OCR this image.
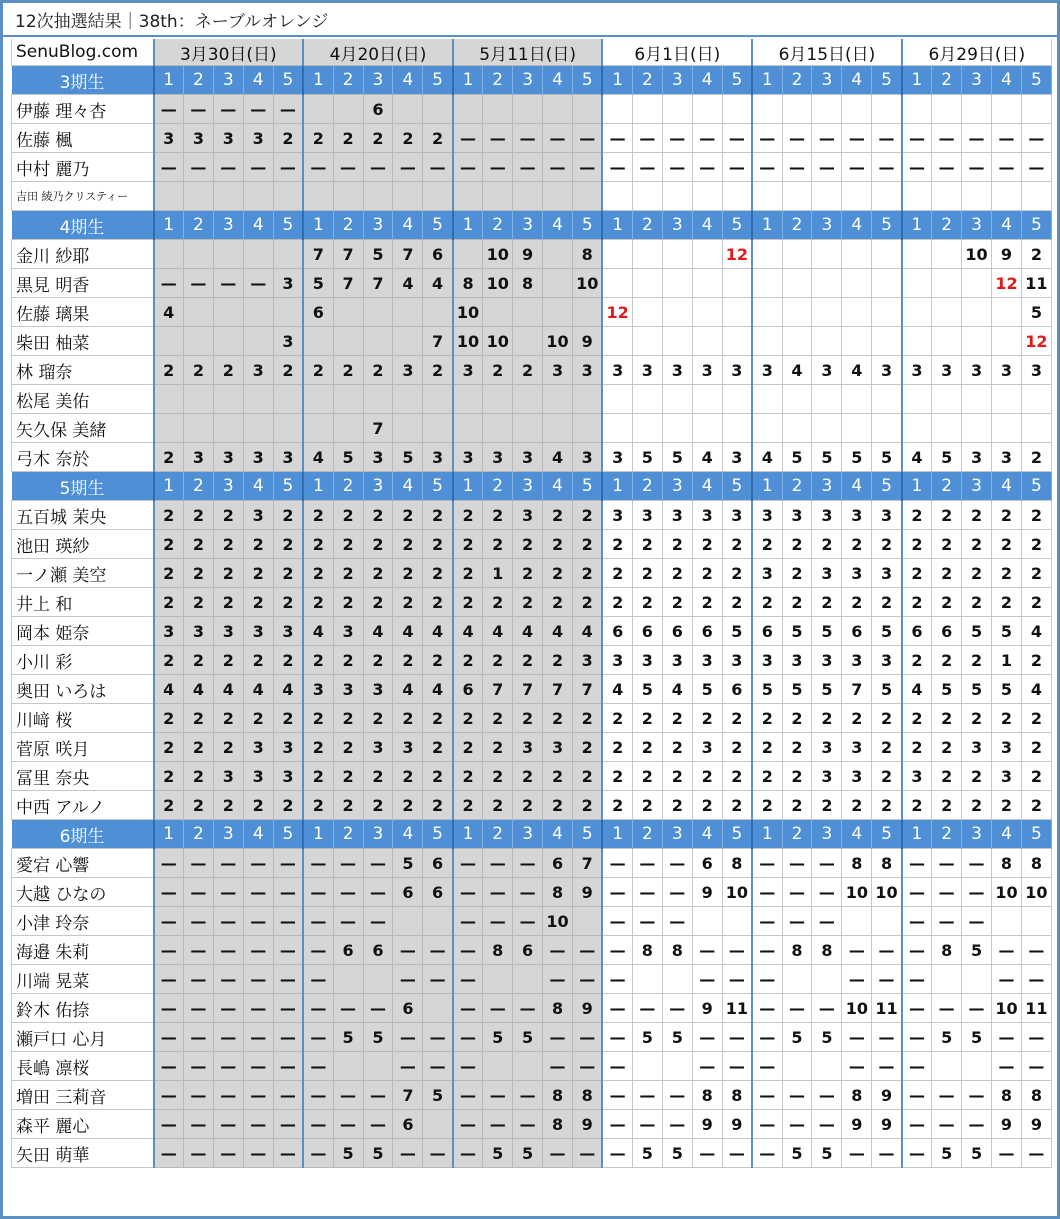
12次抽選結果｜38th：ネーブルオレンジ
SenuBlog.com	3月30日(日)					4月20日(日)					5月11日(日)					6月1日(日)					6月15日(日)					6月29日(日)				
3期生	1	2	3	4	5	1	2	3	4	5	1	2	3	4	5	1	2	3	4	5	1	2	3	4	5	1	2	3	4	5
伊藤 理々杏	—	—	—	—	—			6																						
佐藤 楓	3	3	3	3	2	2	2	2	2	2	—	—	—	—	—	—	—	—	—	—	—	—	—	—	—	—	—	—	—	—
中村 麗乃	—	—	—	—	—	—	—	—	—	—	—	—	—	—	—	—	—	—	—	—	—	—	—	—	—	—	—	—	—	—
吉田 綾乃クリスティー																														
4期生	1	2	3	4	5	1	2	3	4	5	1	2	3	4	5	1	2	3	4	5	1	2	3	4	5	1	2	3	4	5
金川 紗耶						7	7	5	7	6		10	9		8					12								10	9	2
黒見 明香	—	—	—	—	3	5	7	7	4	4	8	10	8		10														12	11
佐藤 璃果	4					6					10					12														5
柴田 柚菜					3					7	10	10		10	9															12
林 瑠奈	2	2	2	3	2	2	2	2	3	2	3	2	2	3	3	3	3	3	3	3	3	4	3	4	3	3	3	3	3	3
松尾 美佑																														
矢久保 美緒								7																						
弓木 奈於	2	3	3	3	3	4	5	3	5	3	3	3	3	4	3	3	5	5	4	3	4	5	5	5	5	4	5	3	3	2
5期生	1	2	3	4	5	1	2	3	4	5	1	2	3	4	5	1	2	3	4	5	1	2	3	4	5	1	2	3	4	5
五百城 茉央	2	2	2	3	2	2	2	2	2	2	2	2	3	2	2	3	3	3	3	3	3	3	3	3	3	2	2	2	2	2
池田 瑛紗	2	2	2	2	2	2	2	2	2	2	2	2	2	2	2	2	2	2	2	2	2	2	2	2	2	2	2	2	2	2
一ノ瀬 美空	2	2	2	2	2	2	2	2	2	2	2	1	2	2	2	2	2	2	2	2	3	2	3	3	3	2	2	2	2	2
井上 和	2	2	2	2	2	2	2	2	2	2	2	2	2	2	2	2	2	2	2	2	2	2	2	2	2	2	2	2	2	2
岡本 姫奈	3	3	3	3	3	4	3	4	4	4	4	4	4	4	4	6	6	6	6	5	6	5	5	6	5	6	6	5	5	4
小川 彩	2	2	2	2	2	2	2	2	2	2	2	2	2	2	3	3	3	3	3	3	3	3	3	3	3	2	2	2	1	2
奥田 いろは	4	4	4	4	4	3	3	3	4	4	6	7	7	7	7	4	5	4	5	6	5	5	5	7	5	4	5	5	5	4
川﨑 桜	2	2	2	2	2	2	2	2	2	2	2	2	2	2	2	2	2	2	2	2	2	2	2	2	2	2	2	2	2	2
菅原 咲月	2	2	2	3	3	2	2	3	3	2	2	2	3	3	2	2	2	2	3	2	2	2	3	3	2	2	2	3	3	2
冨里 奈央	2	2	3	3	3	2	2	2	2	2	2	2	2	2	2	2	2	2	2	2	2	2	3	3	2	3	2	2	3	2
中西 アルノ	2	2	2	2	2	2	2	2	2	2	2	2	2	2	2	2	2	2	2	2	2	2	2	2	2	2	2	2	2	2
6期生	1	2	3	4	5	1	2	3	4	5	1	2	3	4	5	1	2	3	4	5	1	2	3	4	5	1	2	3	4	5
愛宕 心響	—	—	—	—	—	—	—	—	5	6	—	—	—	6	7	—	—	—	6	8	—	—	—	8	8	—	—	—	8	8
大越 ひなの	—	—	—	—	—	—	—	—	6	6	—	—	—	8	9	—	—	—	9	10	—	—	—	10	10	—	—	—	10	10
小津 玲奈	—	—	—	—	—	—	—	—			—	—	—	10		—	—	—			—	—	—			—	—	—		
海邉 朱莉	—	—	—	—	—	—	6	6	—	—	—	8	6	—	—	—	8	8	—	—	—	8	8	—	—	—	8	5	—	—
川端 晃菜	—	—	—	—	—	—			—	—	—			—	—	—			—	—	—			—	—	—			—	—
鈴木 佑捺	—	—	—	—	—	—	—	—	6		—	—	—	8	9	—	—	—	9	11	—	—	—	10	11	—	—	—	10	11
瀬戸口 心月	—	—	—	—	—	—	5	5	—	—	—	5	5	—	—	—	5	5	—	—	—	5	5	—	—	—	5	5	—	—
長嶋 凛桜	—	—	—	—	—	—			—	—	—			—	—	—			—	—	—			—	—	—			—	—
増田 三莉音	—	—	—	—	—	—	—	—	7	5	—	—	—	8	8	—	—	—	8	8	—	—	—	8	9	—	—	—	8	8
森平 麗心	—	—	—	—	—	—	—	—	6		—	—	—	8	9	—	—	—	9	9	—	—	—	9	9	—	—	—	9	9
矢田 萌華	—	—	—	—	—	—	5	5	—	—	—	5	5	—	—	—	5	5	—	—	—	5	5	—	—	—	5	5	—	—
